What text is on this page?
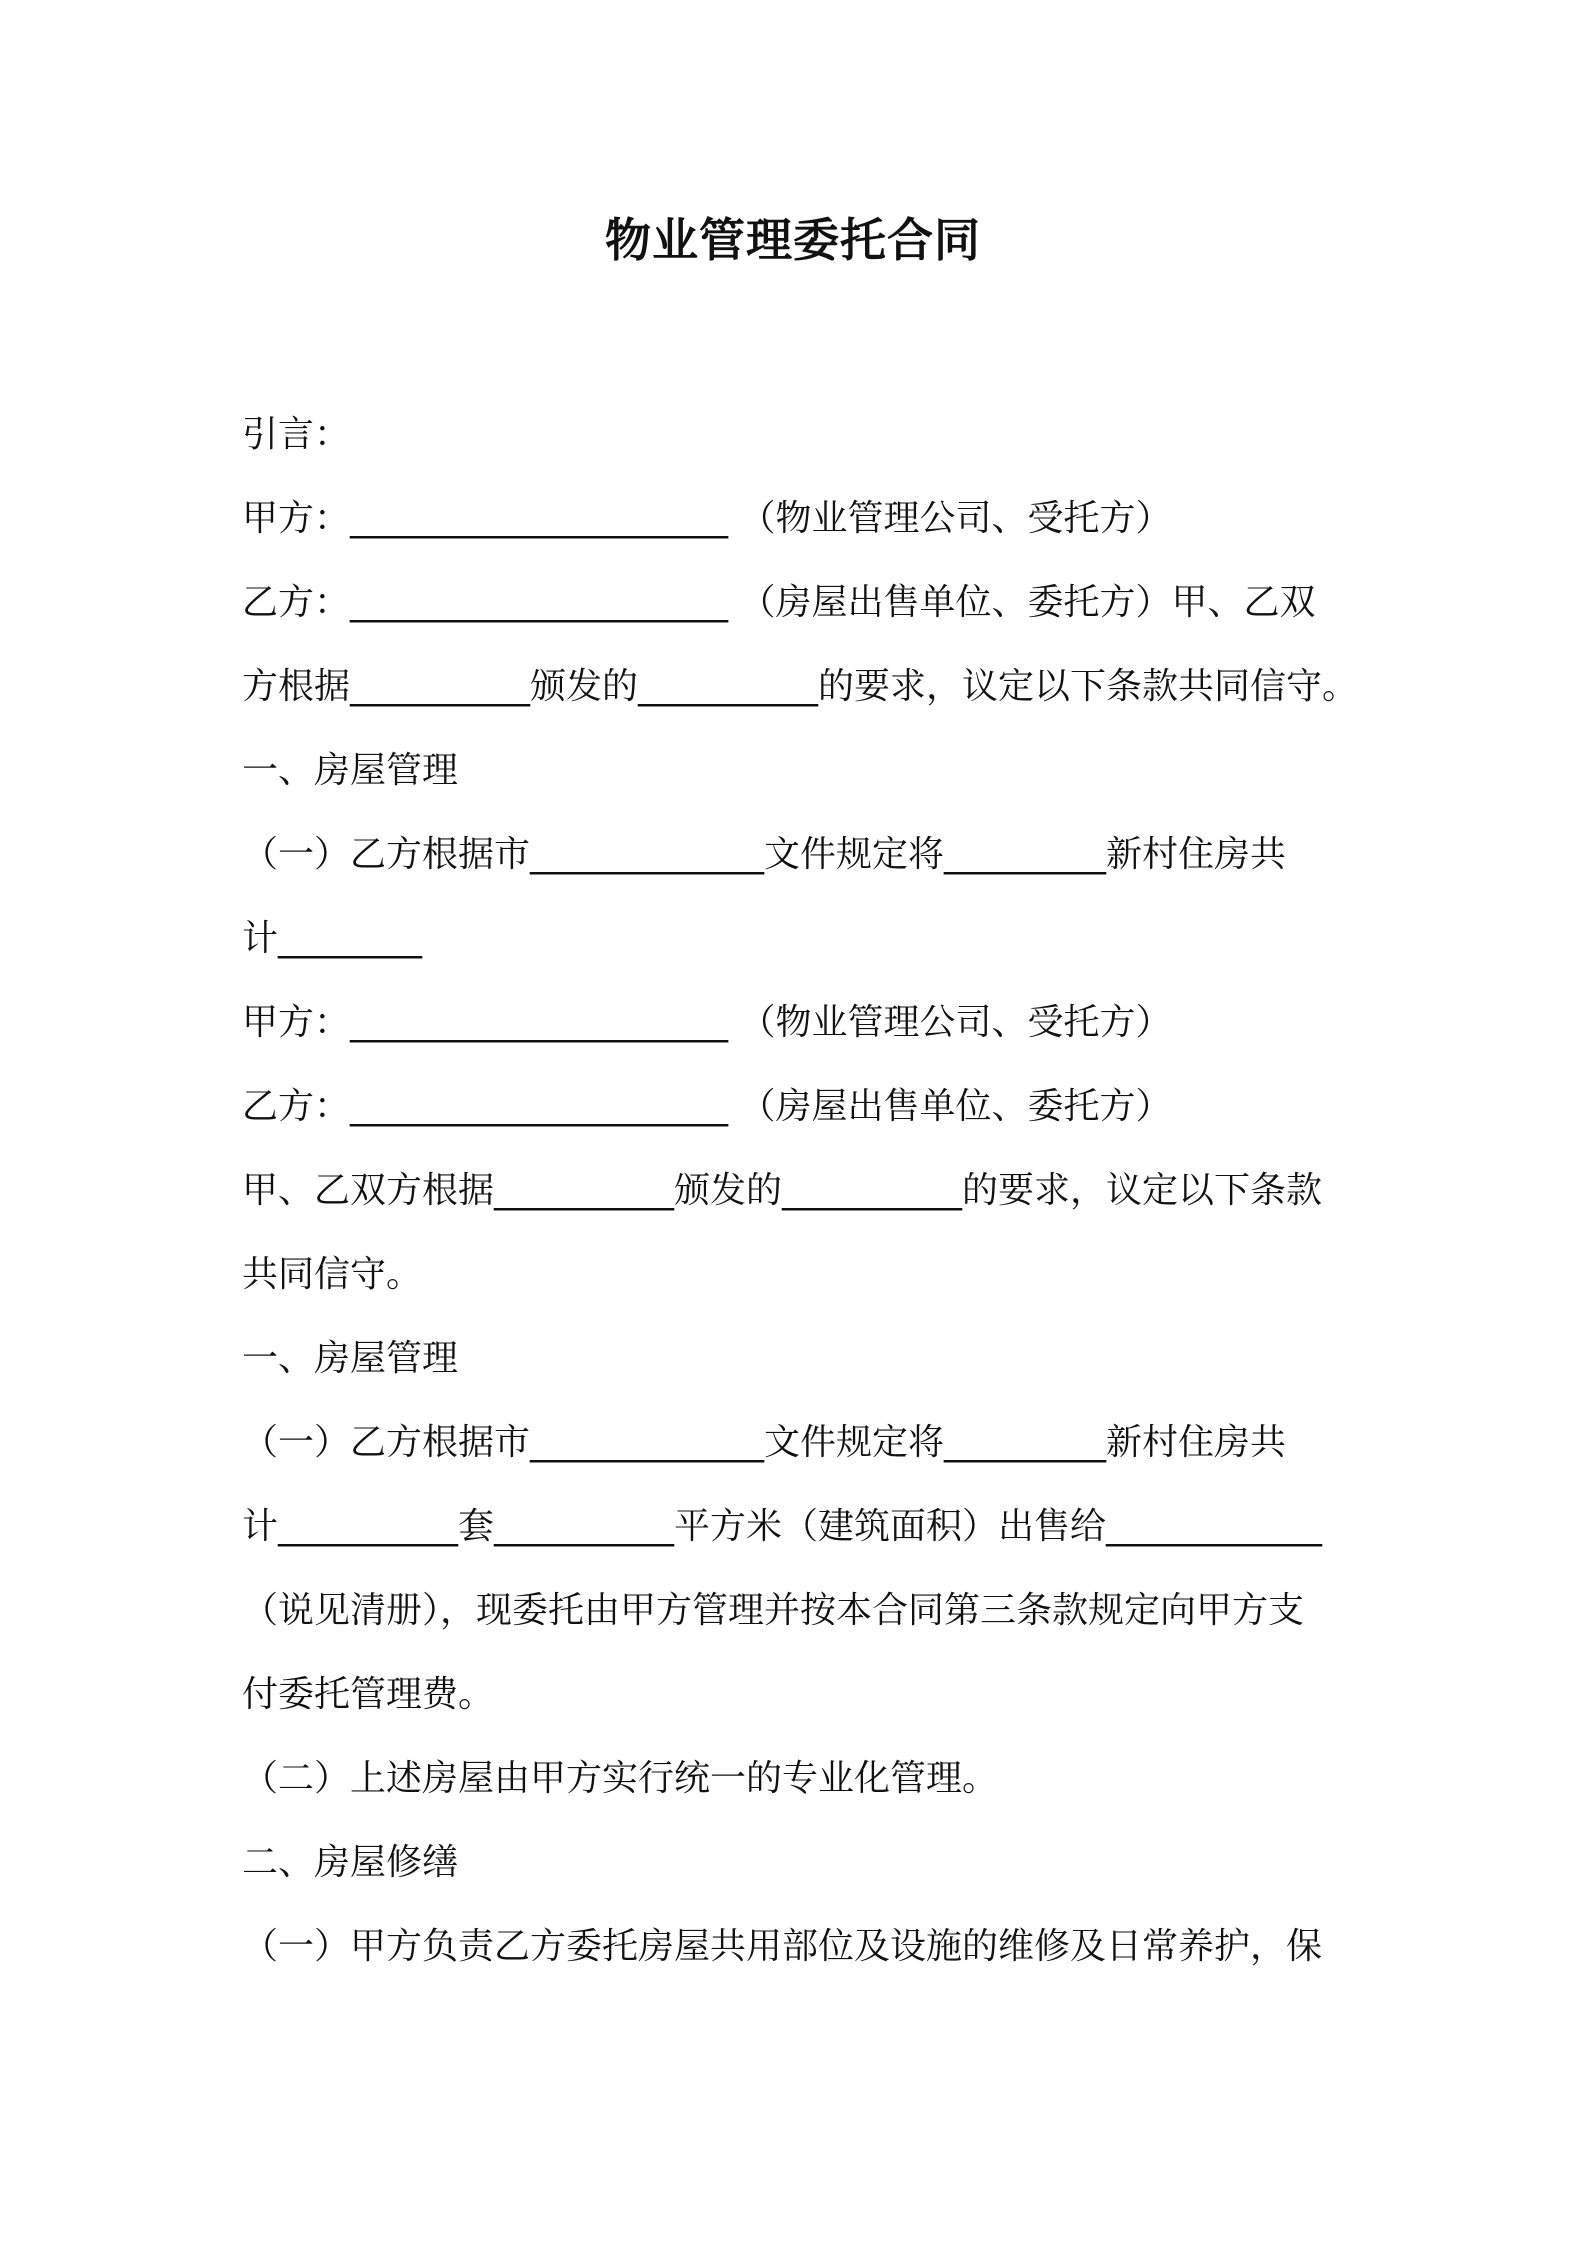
物业管理委托合同
引言：
甲方：_____________________ （物业管理公司、受托方）
乙方：_____________________ （房屋出售单位、委托方）甲、乙双
方根据__________颁发的__________的要求，议定以下条款共同信守。
一、房屋管理
（一）乙方根据市_____________文件规定将_________新村住房共
计________
甲方：_____________________ （物业管理公司、受托方）
乙方：_____________________ （房屋出售单位、委托方）
甲、乙双方根据__________颁发的__________的要求，议定以下条款
共同信守。
一、房屋管理
（一）乙方根据市_____________文件规定将_________新村住房共
计__________套__________平方米（建筑面积）出售给____________
（说见清册），现委托由甲方管理并按本合同第三条款规定向甲方支
付委托管理费。
（二）上述房屋由甲方实行统一的专业化管理。
二、房屋修缮
（一）甲方负责乙方委托房屋共用部位及设施的维修及日常养护，保
